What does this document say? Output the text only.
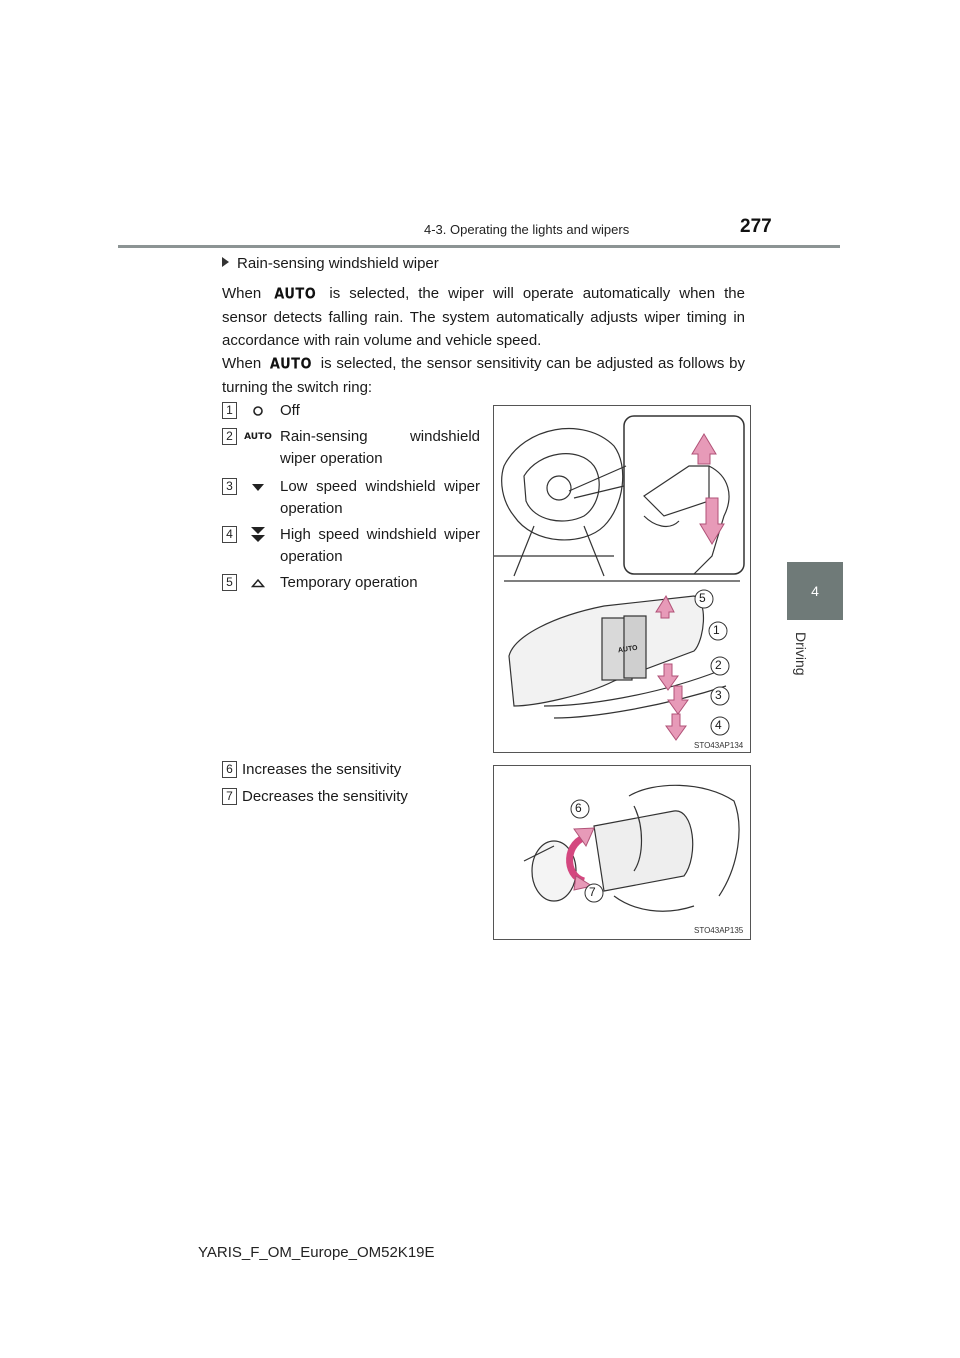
4-3. Operating the lights and wipers	277
4
Driving
Rain-sensing windshield wiper
When AUTO is selected, the wiper will operate automatically when the sensor detects falling rain. The system automatically adjusts wiper timing in accordance with rain volume and vehicle speed.
When AUTO is selected, the sensor sensitivity can be adjusted as follows by turning the switch ring:
1	Off
2	AUTO Rain-sensing windshield wiper operation
3	Low speed windshield wiper operation
4	High speed windshield wiper operation
5	Temporary operation
6 Increases the sensitivity
7 Decreases the sensitivity
5
1
2
3
4
AUTO
STO43AP134
6
7
STO43AP135
YARIS_F_OM_Europe_OM52K19E
